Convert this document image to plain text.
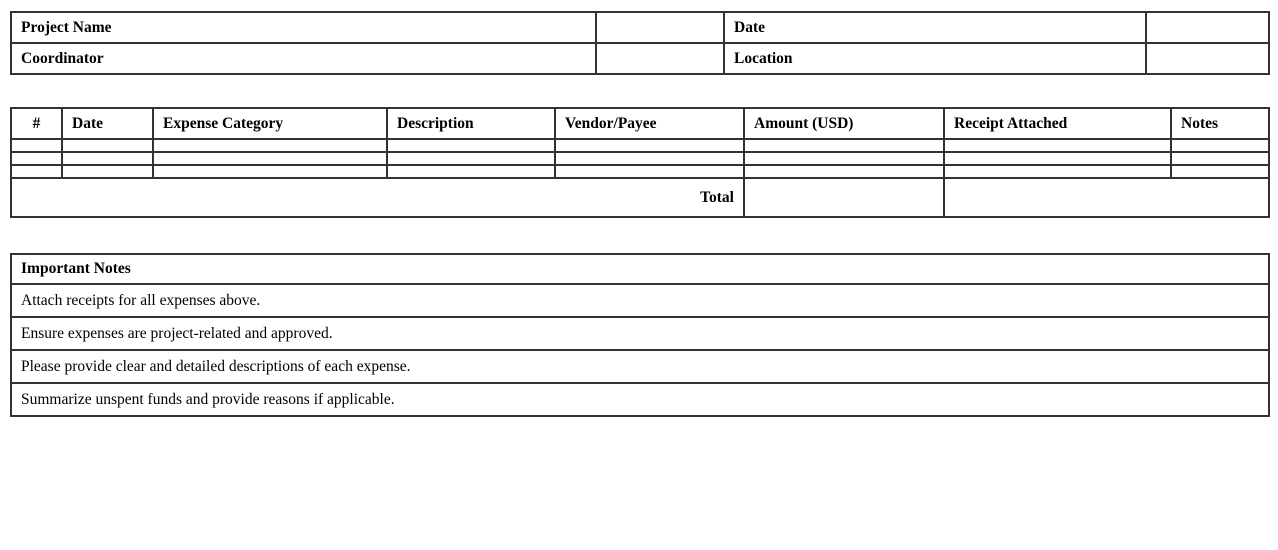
Project Name		Date	
Coordinator		Location	
#	Date	Expense Category	Description	Vendor/Payee	Amount (USD)	Receipt Attached	Notes

Total							
Important Notes
Attach receipts for all expenses above.
Ensure expenses are project-related and approved.
Please provide clear and detailed descriptions of each expense.
Summarize unspent funds and provide reasons if applicable.
